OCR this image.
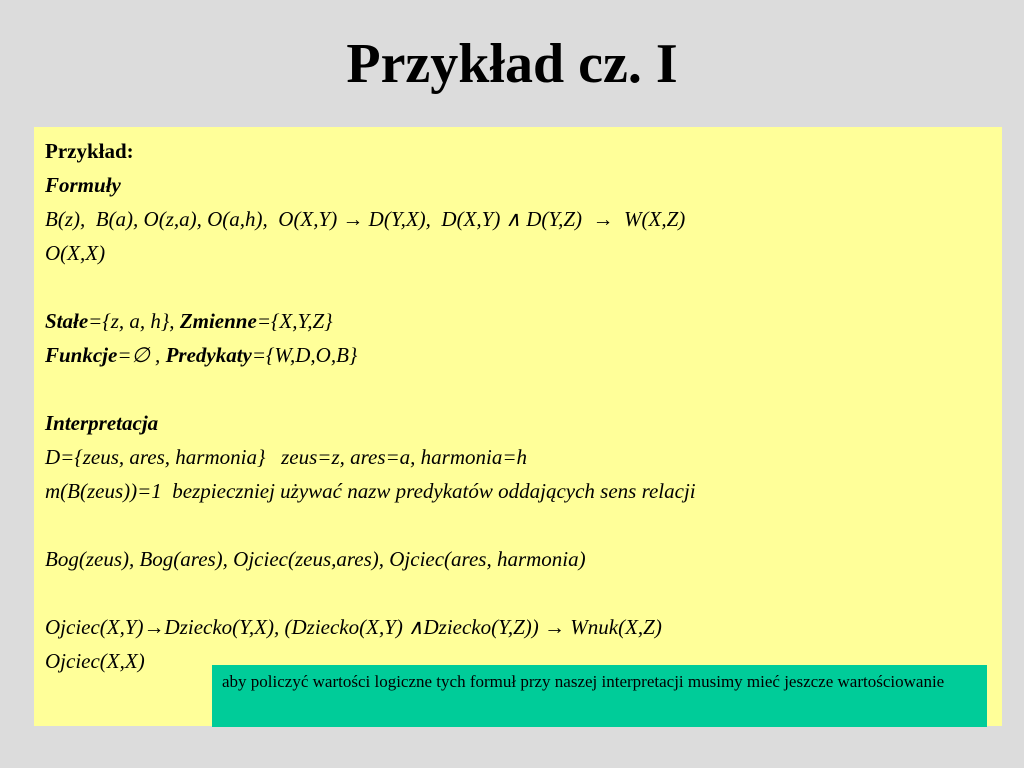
Przykład cz. I
Przykład:
Formuły
B(z),  B(a), O(z,a), O(a,h),  O(X,Y) → D(Y,X),  D(X,Y) ∧ D(Y,Z)  →  W(X,Z)
O(X,X)
Stałe={z, a, h}, Zmienne={X,Y,Z}
Funkcje=∅ , Predykaty={W,D,O,B}
Interpretacja
D={zeus, ares, harmonia}   zeus=z, ares=a, harmonia=h
m(B(zeus))=1  bezpieczniej używać nazw predykatów oddających sens relacji
Bog(zeus), Bog(ares), Ojciec(zeus,ares), Ojciec(ares, harmonia)
Ojciec(X,Y)→Dziecko(Y,X), (Dziecko(X,Y) ∧Dziecko(Y,Z)) → Wnuk(X,Z)
Ojciec(X,X)
aby policzyć wartości logiczne tych formuł przy naszej interpretacji musimy mieć jeszcze wartościowanie
